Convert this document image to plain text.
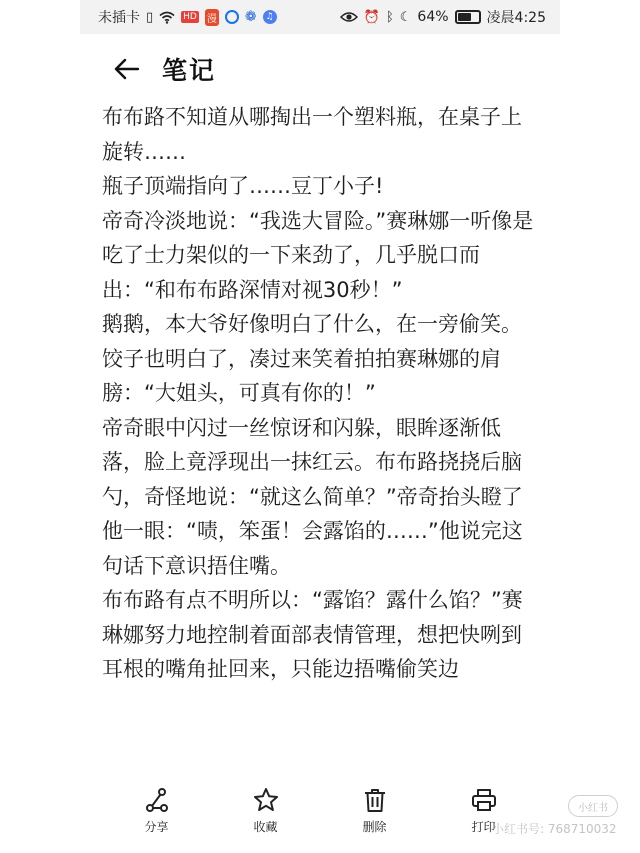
未插卡 ▯	HD 漫 ❁ ♫	⏰ ᛒ ☾ 64%	凌晨4:25
笔记

布布路不知道从哪掏出一个塑料瓶，在桌子上旋转……

瓶子顶端指向了……豆丁小子!

帝奇冷淡地说：“我选大冒险。”赛琳娜一听像是吃了士力架似的一下来劲了，几乎脱口而出：“和布布路深情对视30秒！”

鹅鹅，本大爷好像明白了什么，在一旁偷笑。

饺子也明白了，凑过来笑着拍拍赛琳娜的肩膀：“大姐头，可真有你的！”

帝奇眼中闪过一丝惊讶和闪躲，眼眸逐渐低落，脸上竟浮现出一抹红云。布布路挠挠后脑勺，奇怪地说：“就这么简单？”帝奇抬头瞪了他一眼：“啧，笨蛋！会露馅的……”他说完这句话下意识捂住嘴。

布布路有点不明所以：“露馅？露什么馅？”赛琳娜努力地控制着面部表情管理，想把快咧到耳根的嘴角扯回来，只能边捂嘴偷笑边

分享	收藏	删除	打印
小红书
小红书号: 768710032
